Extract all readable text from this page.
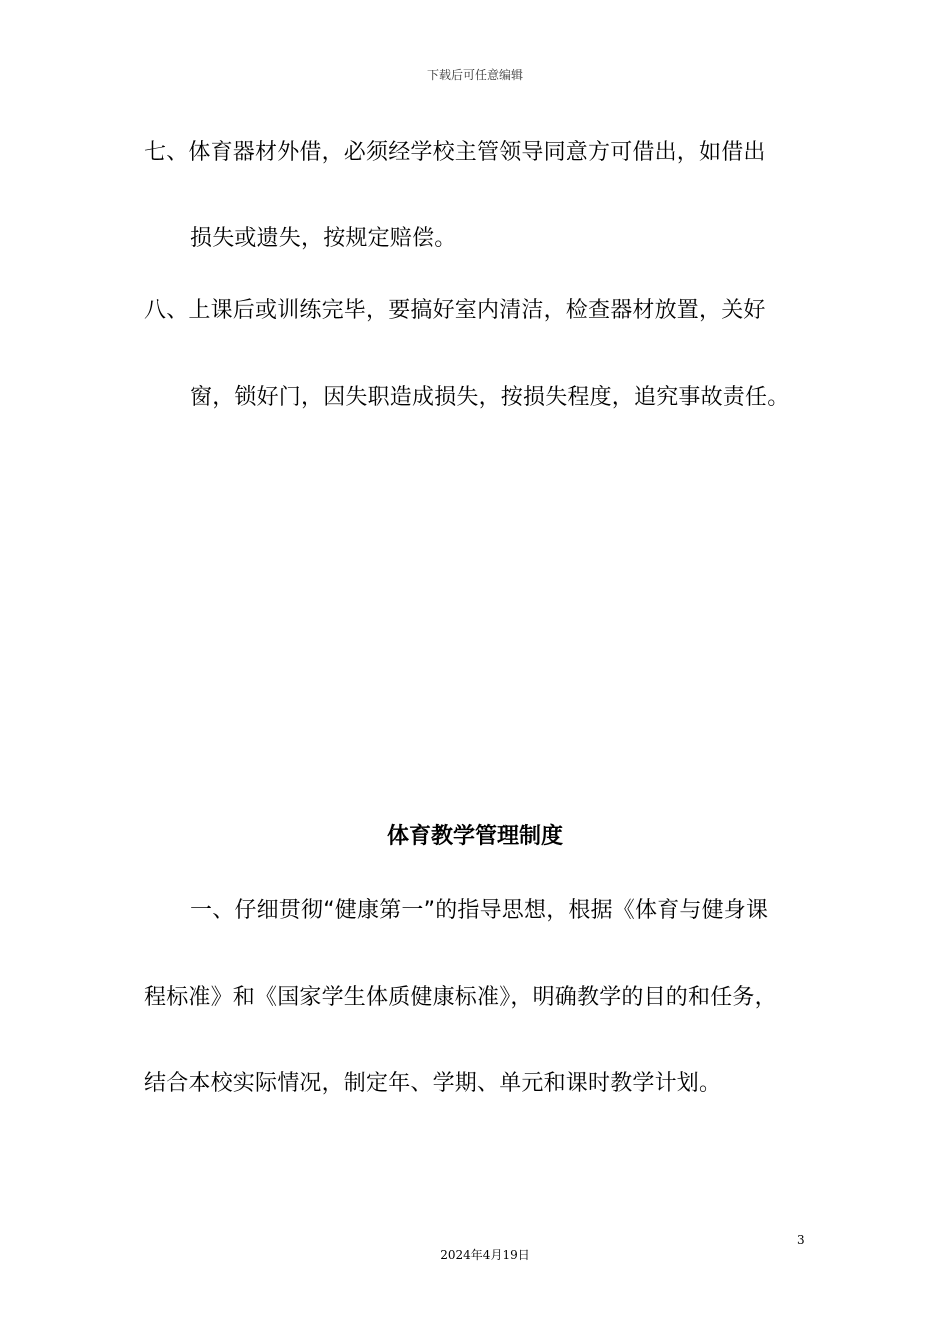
下载后可任意编辑
七、体育器材外借，必须经学校主管领导同意方可借出，如借出
损失或遗失，按规定赔偿。
八、上课后或训练完毕，要搞好室内清洁，检查器材放置，关好
窗，锁好门，因失职造成损失，按损失程度，追究事故责任。
体育教学管理制度
一、仔细贯彻“健康第一”的指导思想，根据《体育与健身课
程标准》和《国家学生体质健康标准》，明确教学的目的和任务，
结合本校实际情况，制定年、学期、单元和课时教学计划。
3
2024年4月19日
